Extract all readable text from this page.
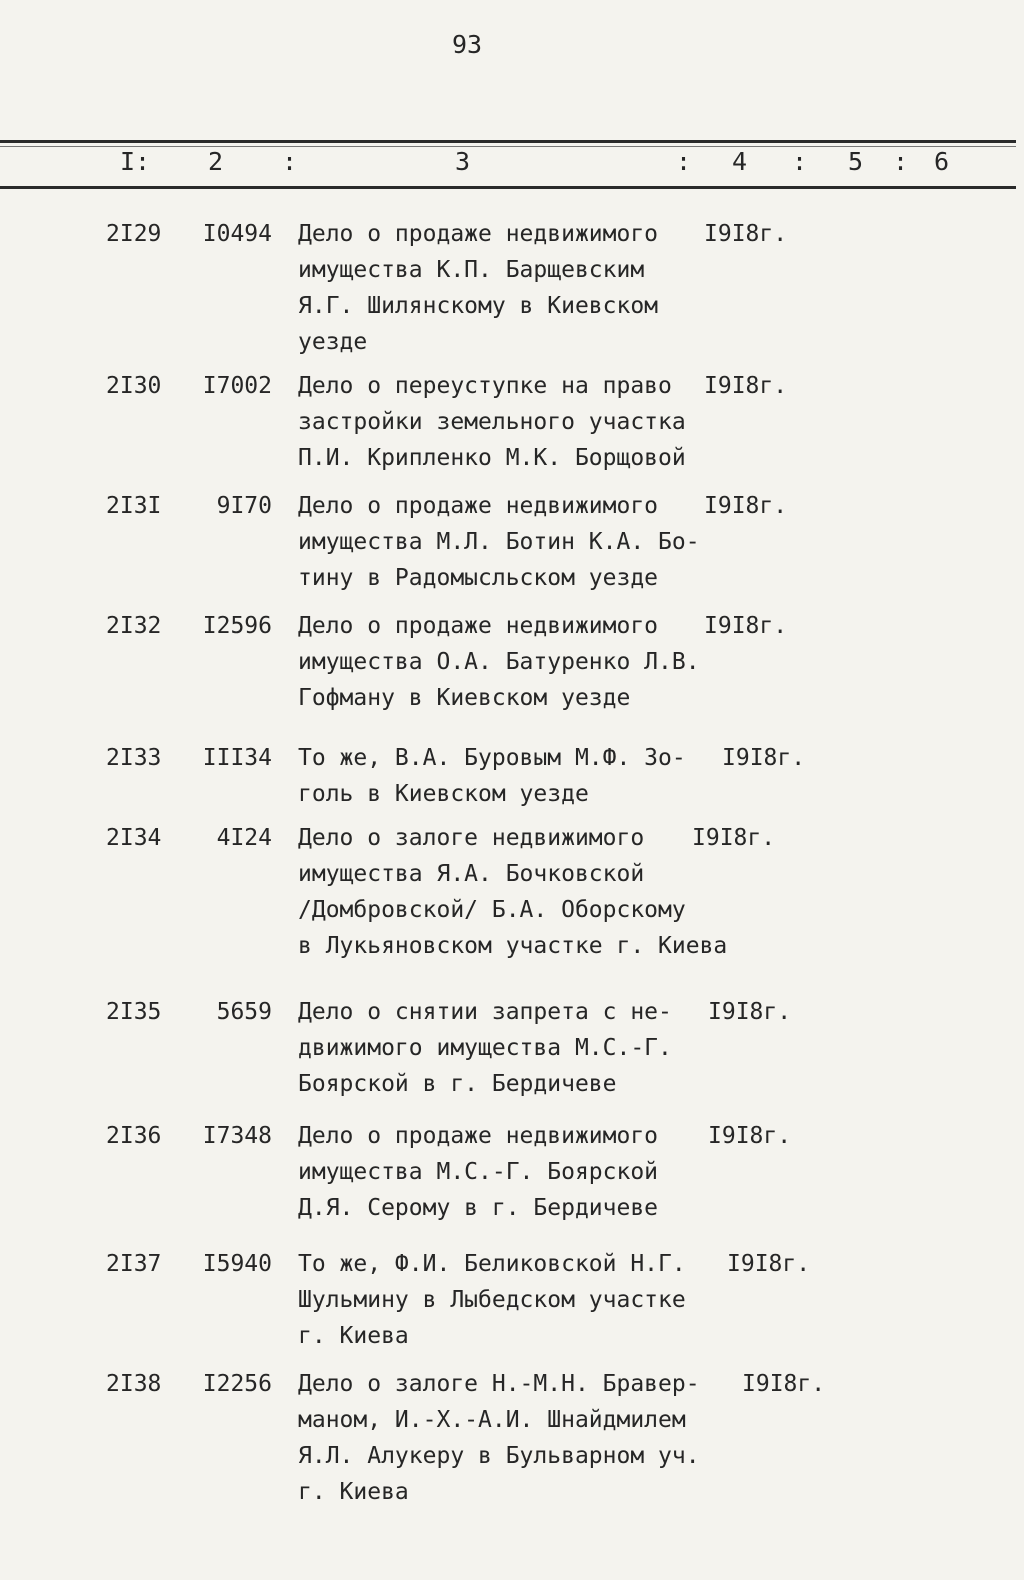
93
I: 2 :	3	: 4 : 5 : 6
2I29	I0494 Дело о продаже недвижимого
имущества К.П. Барщевским
Я.Г. Шилянскому в Киевском
уезде
I9I8г.
2I30	I7002 Дело о переуступке на право
застройки земельного участка
П.И. Крипленко М.К. Борщовой
I9I8г.
2I3I	9I70 Дело о продаже недвижимого
имущества М.Л. Ботин К.А. Бо-
тину в Радомысльском уезде
I9I8г.
2I32	I2596 Дело о продаже недвижимого
имущества О.А. Батуренко Л.В.
Гофману в Киевском уезде
I9I8г.
2I33	III34 То же, В.А. Буровым М.Ф. Зо-
голь в Киевском уезде
I9I8г.
2I34	4I24 Дело о залоге недвижимого
имущества Я.А. Бочковской
/Домбровской/ Б.А. Оборскому
в Лукьяновском участке г. Киева
I9I8г.
2I35	5659 Дело о снятии запрета с не-
движимого имущества М.С.-Г.
Боярской в г. Бердичеве
I9I8г.
2I36	I7348 Дело о продаже недвижимого
имущества М.С.-Г. Боярской
Д.Я. Серому в г. Бердичеве
I9I8г.
2I37	I5940 То же, Ф.И. Беликовской Н.Г.
Шульмину в Лыбедском участке
г. Киева
I9I8г.
2I38	I2256 Дело о залоге Н.-М.Н. Бравер-
маном, И.-Х.-А.И. Шнайдмилем
Я.Л. Алукеру в Бульварном уч.
г. Киева
I9I8г.
